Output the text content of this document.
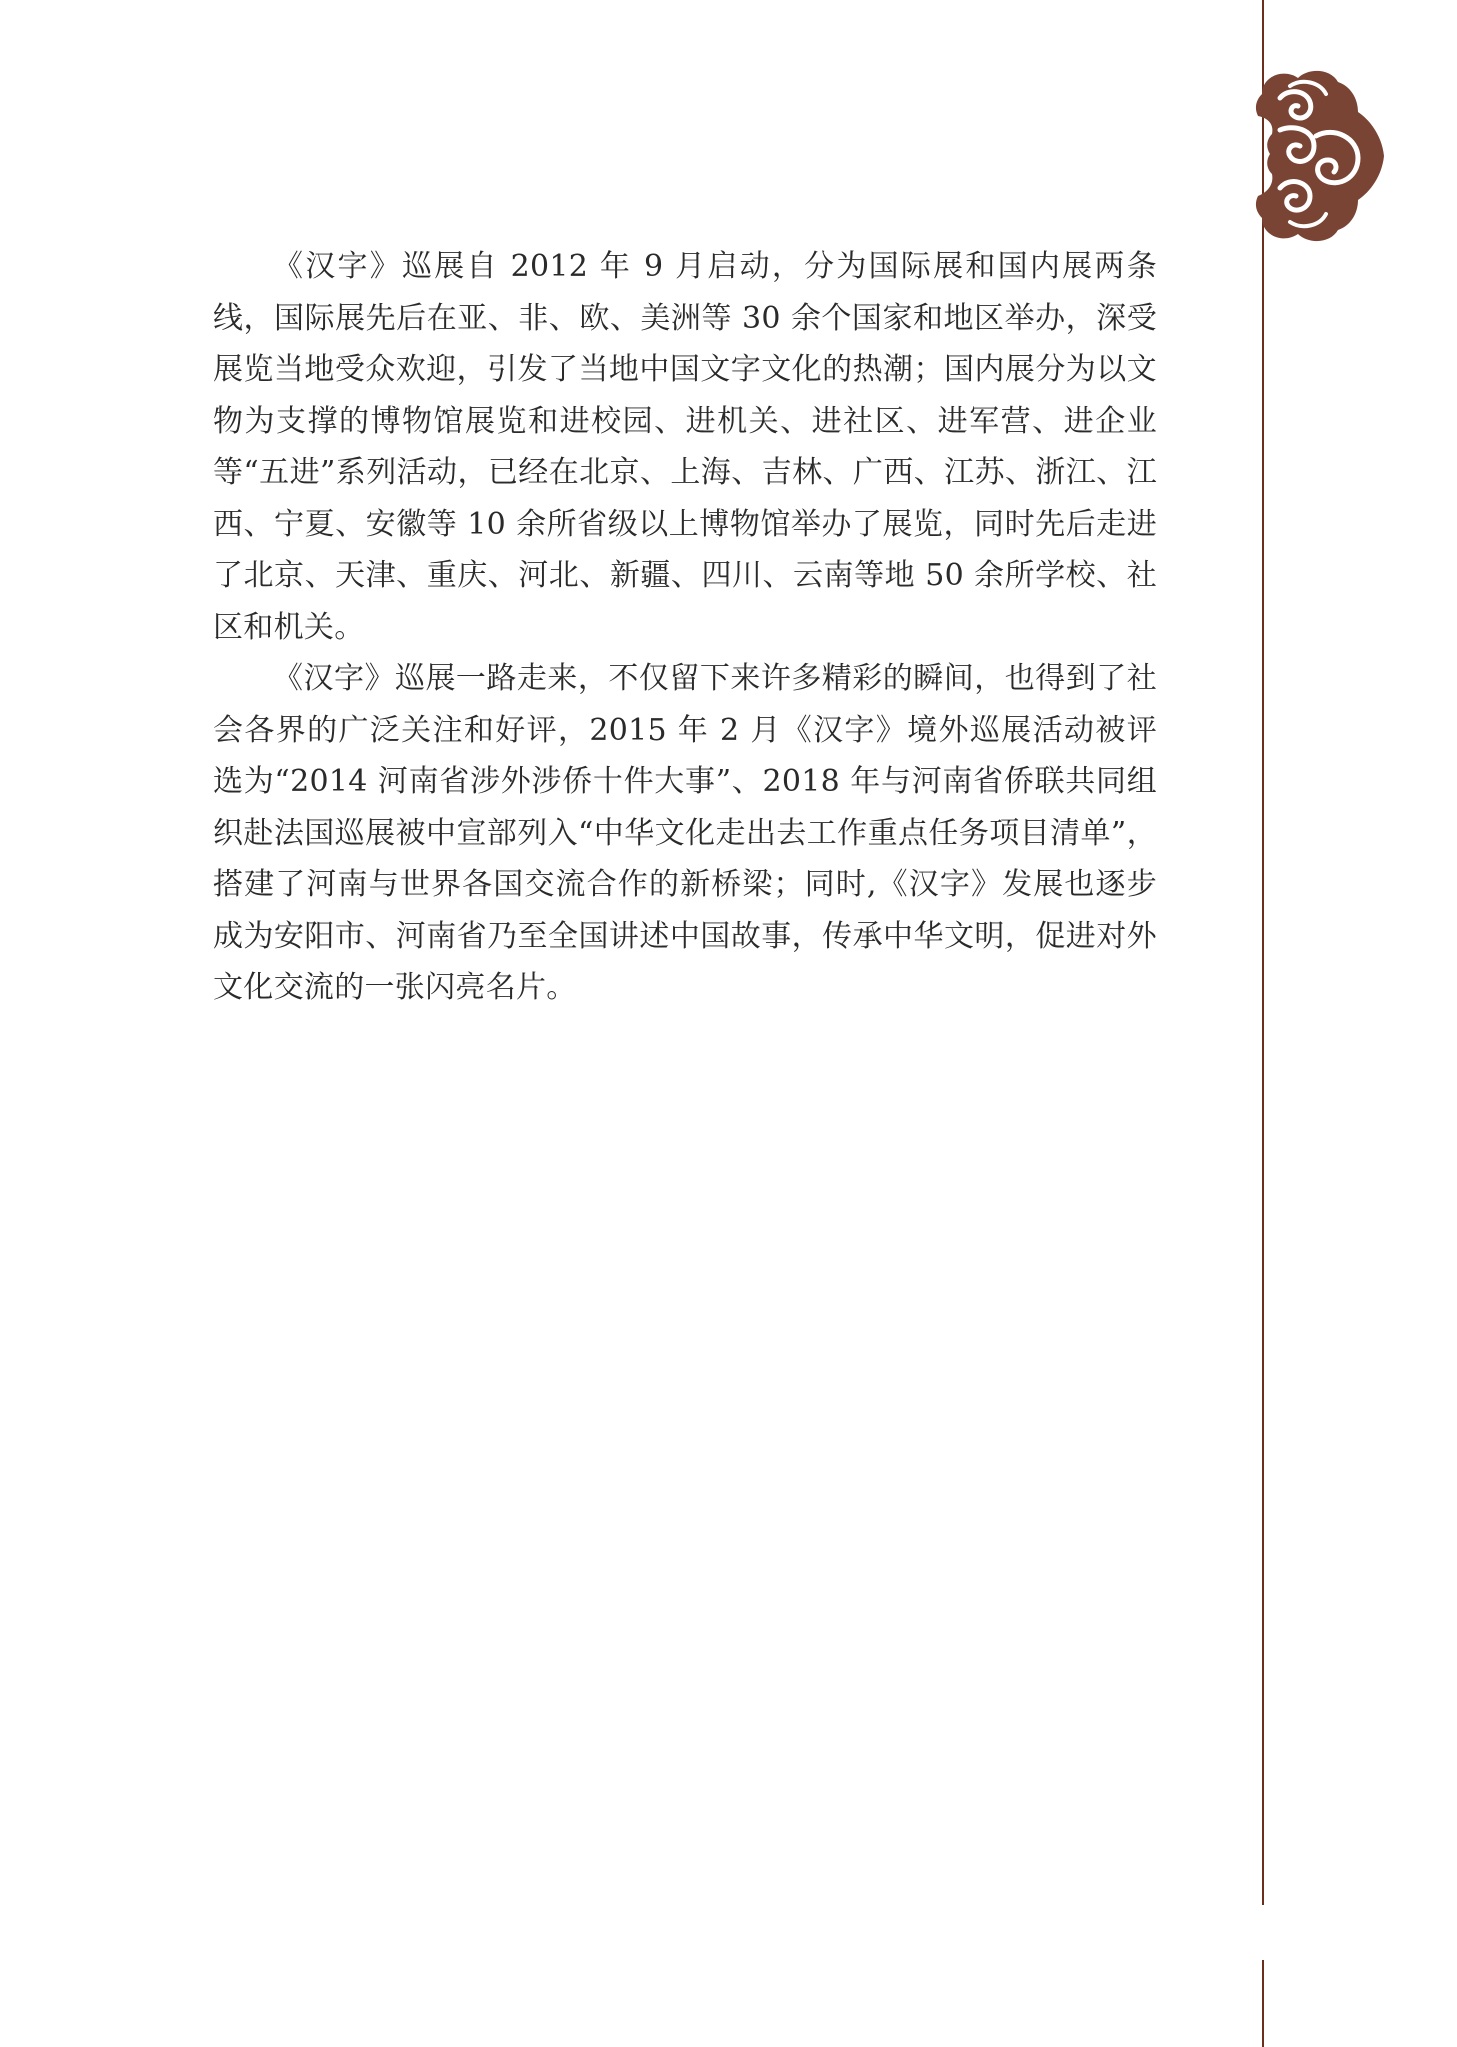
《汉字》巡展自 2012 年 9 月启动，分为国际展和国内展两条线，国际展先后在亚、非、欧、美洲等 30 余个国家和地区举办，深受展览当地受众欢迎，引发了当地中国文字文化的热潮；国内展分为以文物为支撑的博物馆展览和进校园、进机关、进社区、进军营、进企业等“五进”系列活动，已经在北京、上海、吉林、广西、江苏、浙江、江西、宁夏、安徽等 10 余所省级以上博物馆举办了展览，同时先后走进了北京、天津、重庆、河北、新疆、四川、云南等地 50 余所学校、社区和机关。

《汉字》巡展一路走来，不仅留下来许多精彩的瞬间，也得到了社会各界的广泛关注和好评，2015 年 2 月《汉字》境外巡展活动被评选为“2014 河南省涉外涉侨十件大事”、2018 年与河南省侨联共同组织赴法国巡展被中宣部列入“中华文化走出去工作重点任务项目清单”，搭建了河南与世界各国交流合作的新桥梁；同时,《汉字》发展也逐步成为安阳市、河南省乃至全国讲述中国故事，传承中华文明，促进对外文化交流的一张闪亮名片。
